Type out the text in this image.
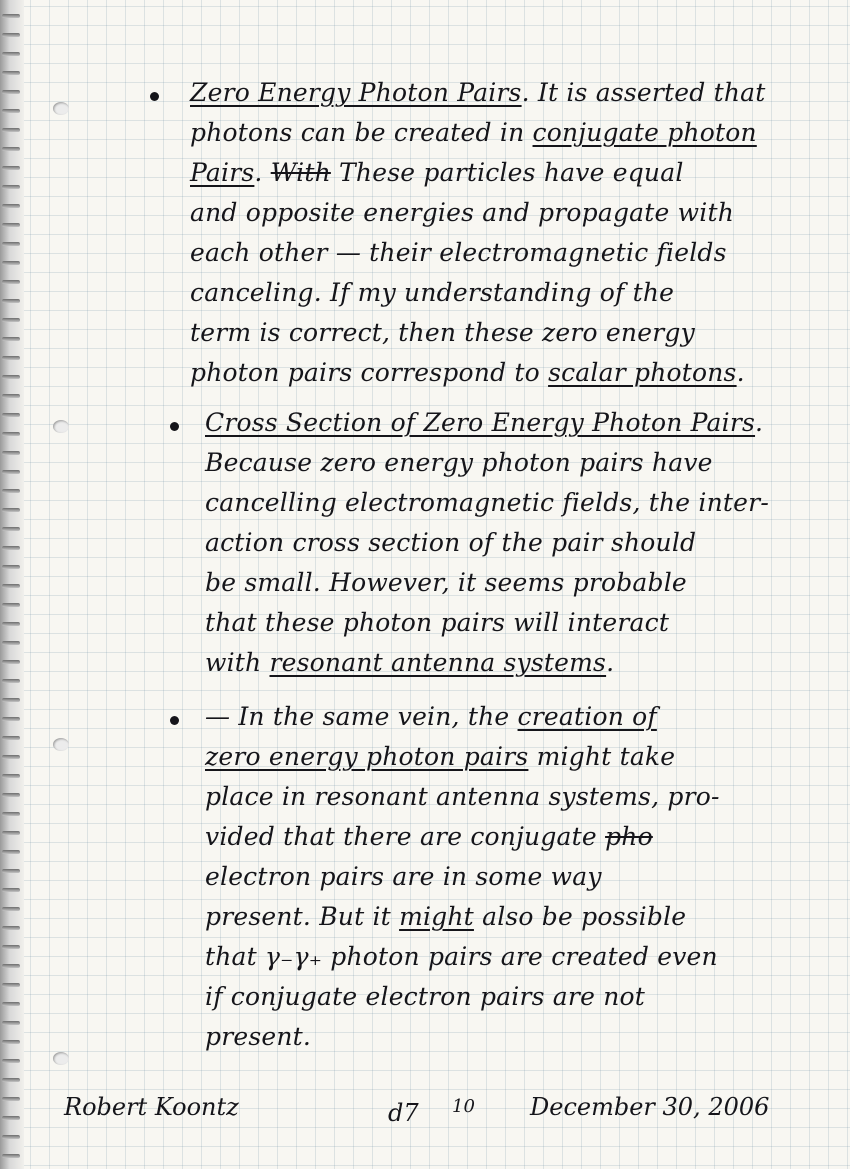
Zero Energy Photon Pairs. It is asserted that

photons can be created in conjugate photon

Pairs. With These particles have equal

and opposite energies and propagate with

each other — their electromagnetic fields

canceling. If my understanding of the

term is correct, then these zero energy

photon pairs correspond to scalar photons.

Cross Section of Zero Energy Photon Pairs.

Because zero energy photon pairs have

cancelling electromagnetic fields, the inter-

action cross section of the pair should

be small. However, it seems probable

that these photon pairs will interact

with resonant antenna systems.

— In the same vein, the creation of

zero energy photon pairs might take

place in resonant antenna systems, pro-

vided that there are conjugate pho

electron pairs are in some way

present. But it might also be possible

that γ₋γ₊ photon pairs are created even

if conjugate electron pairs are not

present.

Robert Koontz	d7 10 December 30, 2006
